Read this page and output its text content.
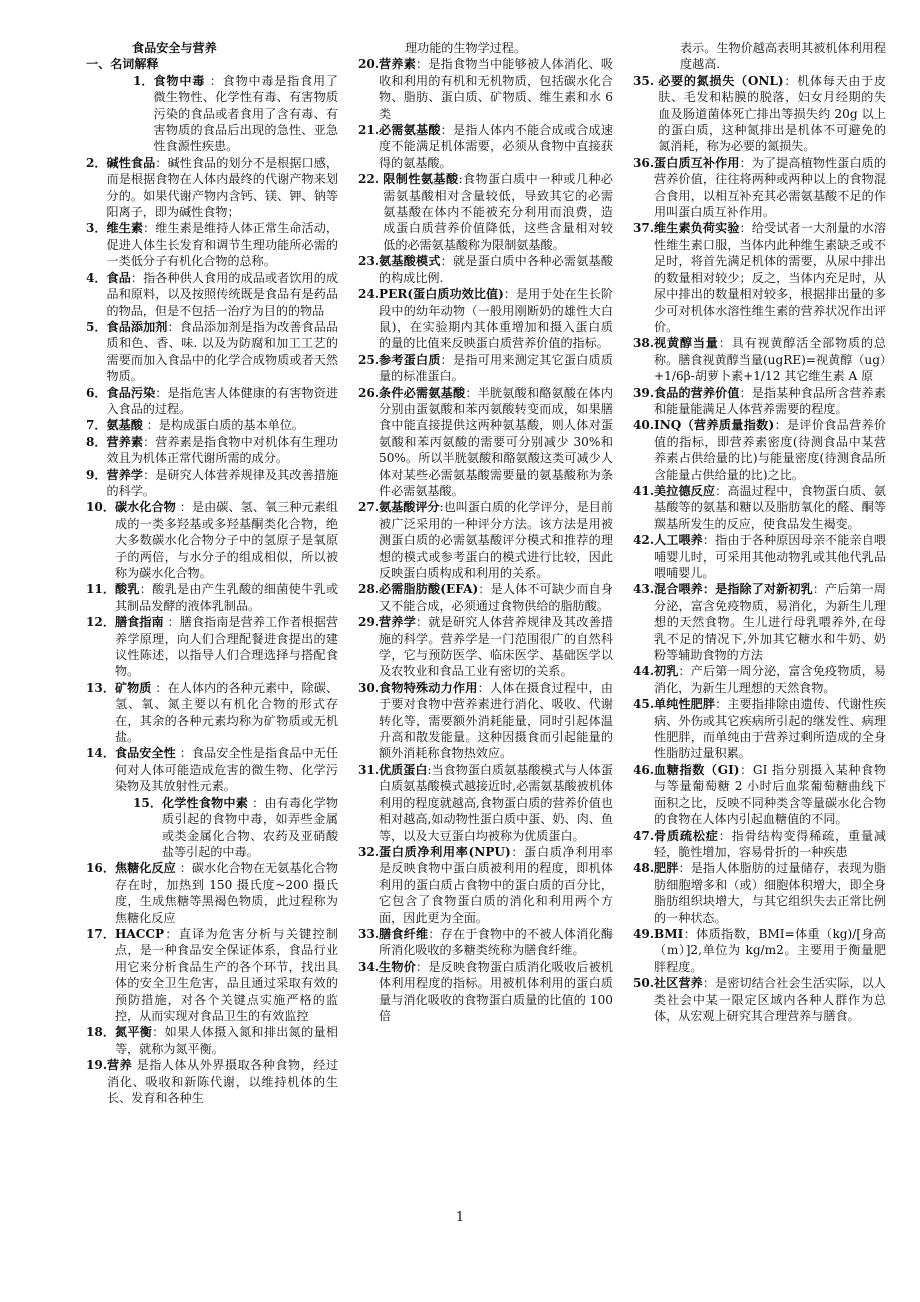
食品安全与营养
一、名词解释
1． 食物中毒 ：食物中毒是指食用了微生物性、化学性有毒、有害物质污染的食品或者食用了含有毒、有害物质的食品后出现的急性、亚急性食源性疾患。
2． 碱性食品：碱性食品的划分不是根据口感，而是根据食物在人体内最终的代谢产物来划分的。如果代谢产物内含钙、镁、钾、钠等阳离子，即为碱性食物；
3． 维生素：维生素是维持人体正常生命活动，促进人体生长发育和调节生理功能所必需的一类低分子有机化合物的总称。
4． 食品：指各种供人食用的成品或者饮用的成品和原料，以及按照传统既是食品有是药品的物品，但是不包括一治疗为目的的物品
5． 食品添加剂：食品添加剂是指为改善食品品质和色、香、味. 以及为防腐和加工工艺的需要而加入食品中的化学合成物质或者天然物质。
6． 食品污染：是指危害人体健康的有害物资进入食品的过程。
7． 氨基酸 ：是构成蛋白质的基本单位。
8． 营养素：营养素是指食物中对机体有生理功效且为机体正常代谢所需的成分。
9． 营养学：是研究人体营养规律及其改善措施的科学。
10． 碳水化合物 ：是由碳、氢、氧三种元素组成的一类多羟基或多羟基酮类化合物，绝大多数碳水化合物分子中的氢原子是氧原子的两倍，与水分子的组成相似，所以被称为碳水化合物。
11． 酸乳：酸乳是由产生乳酸的细菌使牛乳或其制品发酵的液体乳制品。
12． 膳食指南 ：膳食指南是营养工作者根据营养学原理，向人们合理配餐进食提出的建议性陈述，以指导人们合理选择与搭配食物。
13． 矿物质 ：在人体内的各种元素中，除碳、氢、氧、氮主要以有机化合物的形式存在，其余的各种元素均称为矿物质或无机盐。
14． 食品安全性 ：食品安全性是指食品中无任何对人体可能造成危害的微生物、化学污染物及其放射性元素。
15． 化学性食物中素 ：由有毒化学物质引起的食物中毒，如弄些金属或类金属化合物、农药及亚硝酸盐等引起的中毒。
16． 焦糖化反应 ：碳水化合物在无氨基化合物存在时，加热到 150 摄氏度~200 摄氏度，生成焦糖等黑褐色物质，此过程称为焦糖化反应
17． HACCP：直译为危害分析与关键控制点，是一种食品安全保证体系，食品行业用它来分析食品生产的各个环节，找出具体的安全卫生危害，品且通过采取有效的预防措施，对各个关键点实施严格的监控，从而实现对食品卫生的有效监控
18． 氮平衡：如果人体摄入氮和排出氮的量相等，就称为氮平衡。
19. 营养 是指人体从外界摄取各种食物，经过消化、吸收和新陈代谢，以维持机体的生长、发育和各种生
理功能的生物学过程。
20. 营养素：是指食物当中能够被人体消化、吸收和利用的有机和无机物质，包括碳水化合物、脂肪、蛋白质、矿物质、维生素和水 6 类
21. 必需氨基酸：是指人体内不能合成或合成速度不能满足机体需要，必须从食物中直接获得的氨基酸。
22. 限制性氨基酸:食物蛋白质中一种或几种必需氨基酸相对含量较低，导致其它的必需氨基酸在体内不能被充分利用而浪费，造成蛋白质营养价值降低，这些含量相对较低的必需氨基酸称为限制氨基酸。
23. 氨基酸模式：就是蛋白质中各种必需氨基酸的构成比例.
24. PER(蛋白质功效比值)：是用于处在生长阶段中的幼年动物（一般用刚断奶的雄性大白鼠)，在实验期内其体重增加和摄入蛋白质的量的比值来反映蛋白质营养价值的指标。
25. 参考蛋白质：是指可用来测定其它蛋白质质量的标准蛋白。
26. 条件必需氨基酸：半胱氨酸和酪氨酸在体内分别由蛋氨酸和苯丙氨酸转变而成，如果膳食中能直接提供这两种氨基酸，则人体对蛋氨酸和苯丙氨酸的需要可分别减少 30%和 50%。所以半胱氨酸和酪氨酸这类可减少人体对某些必需氨基酸需要量的氨基酸称为条件必需氨基酸。
27. 氨基酸评分:也叫蛋白质的化学评分，是目前被广泛采用的一种评分方法。该方法是用被测蛋白质的必需氨基酸评分模式和推荐的理想的模式或参考蛋白的模式进行比较，因此反映蛋白质构成和利用的关系。
28. 必需脂肪酸(EFA)：是人体不可缺少而自身又不能合成，必须通过食物供给的脂肪酸。
29. 营养学：就是研究人体营养规律及其改善措施的科学。营养学是一门范围很广的自然科学，它与预防医学、临床医学、基础医学以及农牧业和食品工业有密切的关系。
30. 食物特殊动力作用：人体在摄食过程中，由于要对食物中营养素进行消化、吸收、代谢转化等，需要额外消耗能量，同时引起体温升高和散发能量。这种因摄食而引起能量的额外消耗称食物热效应。
31. 优质蛋白:当食物蛋白质氨基酸模式与人体蛋白质氨基酸模式越接近时,必需氨基酸被机体利用的程度就越高,食物蛋白质的营养价值也相对越高,如动物性蛋白质中蛋、奶、肉、鱼等，以及大豆蛋白均被称为优质蛋白。
32. 蛋白质净利用率(NPU)：蛋白质净利用率是反映食物中蛋白质被利用的程度，即机体利用的蛋白质占食物中的蛋白质的百分比，它包含了食物蛋白质的消化和利用两个方面，因此更为全面。
33. 膳食纤维：存在于食物中的不被人体消化酶所消化吸收的多糖类统称为膳食纤维。
34. 生物价：是反映食物蛋白质消化吸收后被机体利用程度的指标。用被机体利用的蛋白质量与消化吸收的食物蛋白质量的比值的 100 倍
表示。生物价越高表明其被机体利用程度越高.
35. 必要的氮损失（ONL)：机体每天由于皮肤、毛发和粘膜的脱落，妇女月经期的失血及肠道菌体死亡排出等损失约 20g 以上的蛋白质，这种氮排出是机体不可避免的氮消耗，称为必要的氮损失。
36. 蛋白质互补作用：为了提高植物性蛋白质的营养价值，往往将两种或两种以上的食物混合食用，以相互补充其必需氨基酸不足的作用叫蛋白质互补作用。
37. 维生素负荷实验：给受试者一大剂量的水溶性维生素口服，当体内此种维生素缺乏或不足时，将首先满足机体的需要，从尿中排出的数量相对较少；反之，当体内充足时，从尿中排出的数量相对较多，根据排出量的多少可对机体水溶性维生素的营养状况作出评价。
38. 视黄醇当量：具有视黄醇活全部物质的总称。膳食视黄醇当量(ugRE)=视黄醇（ug）+1/6β-胡萝卜素+1/12 其它维生素 A 原
39. 食品的营养价值：是指某种食品所含营养素和能量能满足人体营养需要的程度。
40. INQ（营养质量指数)：是评价食品营养价值的指标，即营养素密度(待测食品中某营养素占供给量的比)与能量密度(待测食品所含能量占供给量的比)之比。
41. 美拉德反应：高温过程中，食物蛋白质、氨基酸等的氨基和糖以及脂肪氧化的醛、酮等羰基所发生的反应，使食品发生褐变。
42. 人工喂养：指由于各种原因母亲不能亲自喂哺婴儿时，可采用其他动物乳或其他代乳品喂哺婴儿。
43. 混合喂养：是指除了对新初乳：产后第一周分泌，富含免疫物质，易消化，为新生儿理想的天然食物。生儿进行母乳喂养外,在母乳不足的情况下,外加其它糖水和牛奶、奶粉等辅助食物的方法
44. 初乳：产后第一周分泌，富含免疫物质，易消化，为新生儿理想的天然食物。
45. 单纯性肥胖：主要指排除由遗传、代谢性疾病、外伤或其它疾病所引起的继发性、病理性肥胖，而单纯由于营养过剩所造成的全身性脂肪过量积累。
46. 血糖指数（GI)：GI 指分别摄入某种食物与等量葡萄糖 2 小时后血浆葡萄糖曲线下面积之比，反映不同种类含等量碳水化合物的食物在人体内引起血糖值的不同。
47. 骨质疏松症：指骨结构变得稀疏，重量减轻，脆性增加，容易骨折的一种疾患
48. 肥胖：是指人体脂肪的过量储存，表现为脂肪细胞增多和（或）细胞体积增大，即全身脂肪组织块增大，与其它组织失去正常比例的一种状态。
49. BMI：体质指数，BMI=体重（kg)/[身高（m）]2,单位为 kg/m2。主要用于衡量肥胖程度。
50. 社区营养：是密切结合社会生活实际，以人类社会中某一限定区域内各种人群作为总体，从宏观上研究其合理营养与膳食。
1
